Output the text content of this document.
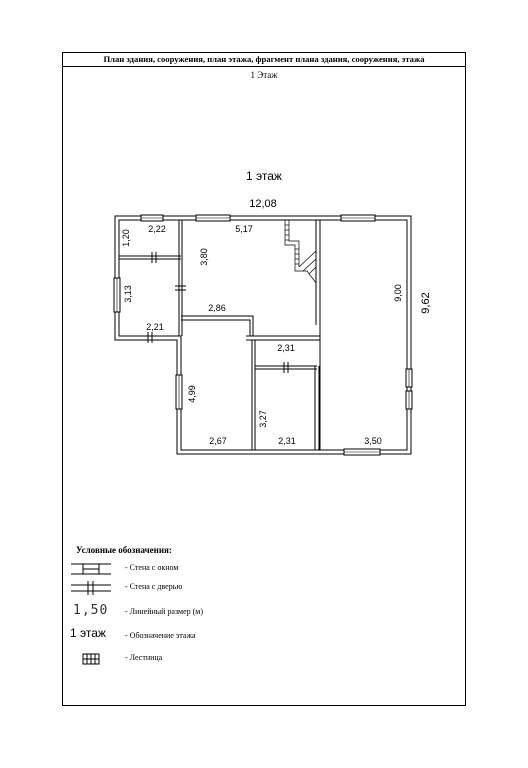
План здания, сооружения, план этажа, фрагмент плана здания, сооружения, этажа
1 Этаж
1 этаж
12,08
9,62
2,22
1,20
5,17
3,80
9,00
3,13
2,86
2,21
2,31
4,99
3,27
2,67	2,31	3,50
Условные обозначения:
- Стена с окном
- Стена с дверью
1,50 - Линейный размер (м)
1 этаж - Обозначение этажа
- Лестница
